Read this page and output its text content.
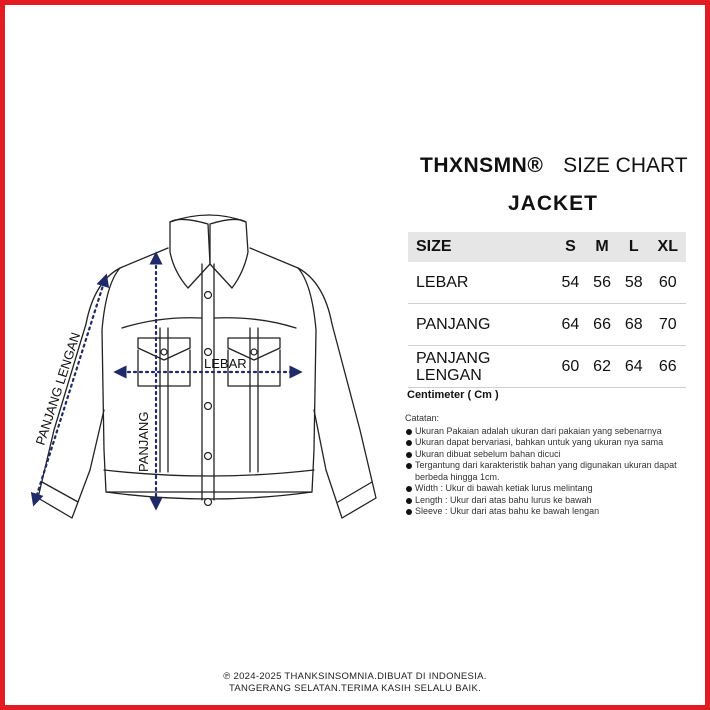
LEBAR
PANJANG
PANJANG LENGAN
THXNSMN® SIZE CHART
JACKET
SIZE	S	M	L	XL
LEBAR	54	56	58	60
PANJANG	64	66	68	70

PANJANG
LENGAN	60	62	64	66
Centimeter ( Cm )
Catatan:
Ukuran Pakaian adalah ukuran dari pakaian yang sebenarnya
Ukuran dapat bervariasi, bahkan untuk yang ukuran nya sama
Ukuran dibuat sebelum bahan dicuci
Tergantung dari karakteristik bahan yang digunakan ukuran dapat berbeda hingga 1cm.
Width : Ukur di bawah ketiak lurus melintang
Length : Ukur dari atas bahu lurus ke bawah
Sleeve : Ukur dari atas bahu ke bawah lengan
℗ 2024-2025 THANKSINSOMNIA.DIBUAT DI INDONESIA.
TANGERANG SELATAN.TERIMA KASIH SELALU BAIK.
